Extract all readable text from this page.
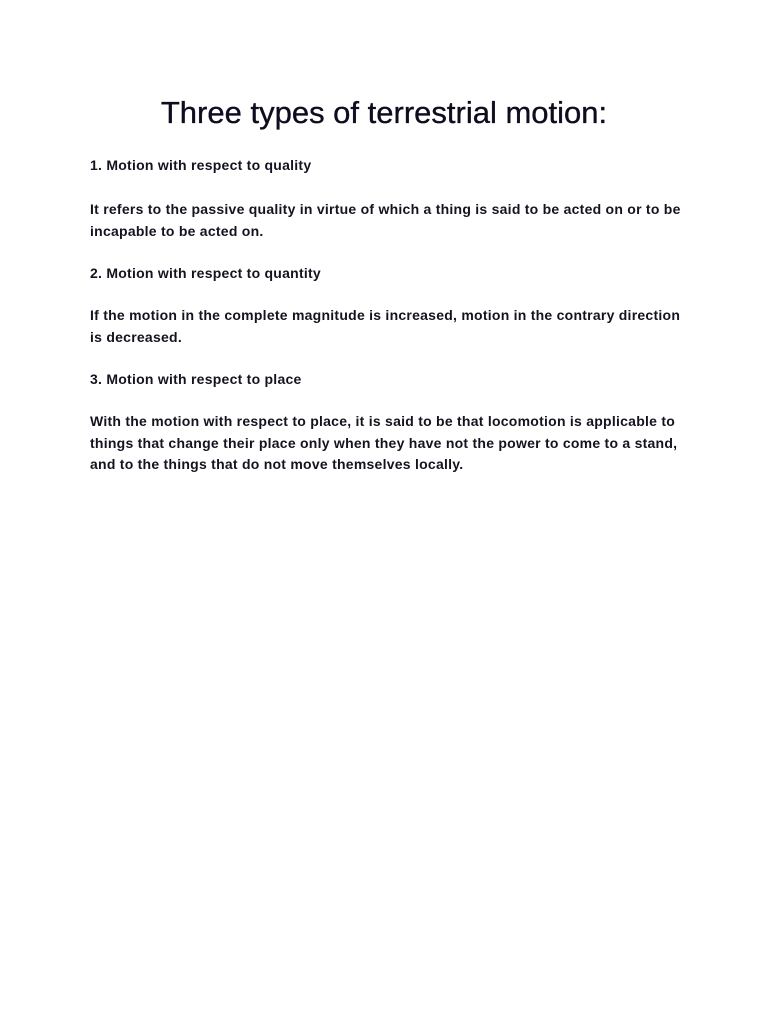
Three types of terrestrial motion:

1. Motion with respect to quality

It refers to the passive quality in virtue of which a thing is said to be acted on or to be incapable to be acted on.

2. Motion with respect to quantity

If the motion in the complete magnitude is increased, motion in the contrary direction is decreased.

3. Motion with respect to place

With the motion with respect to place, it is said to be that locomotion is applicable to things that change their place only when they have not the power to come to a stand, and to the things that do not move themselves locally.
